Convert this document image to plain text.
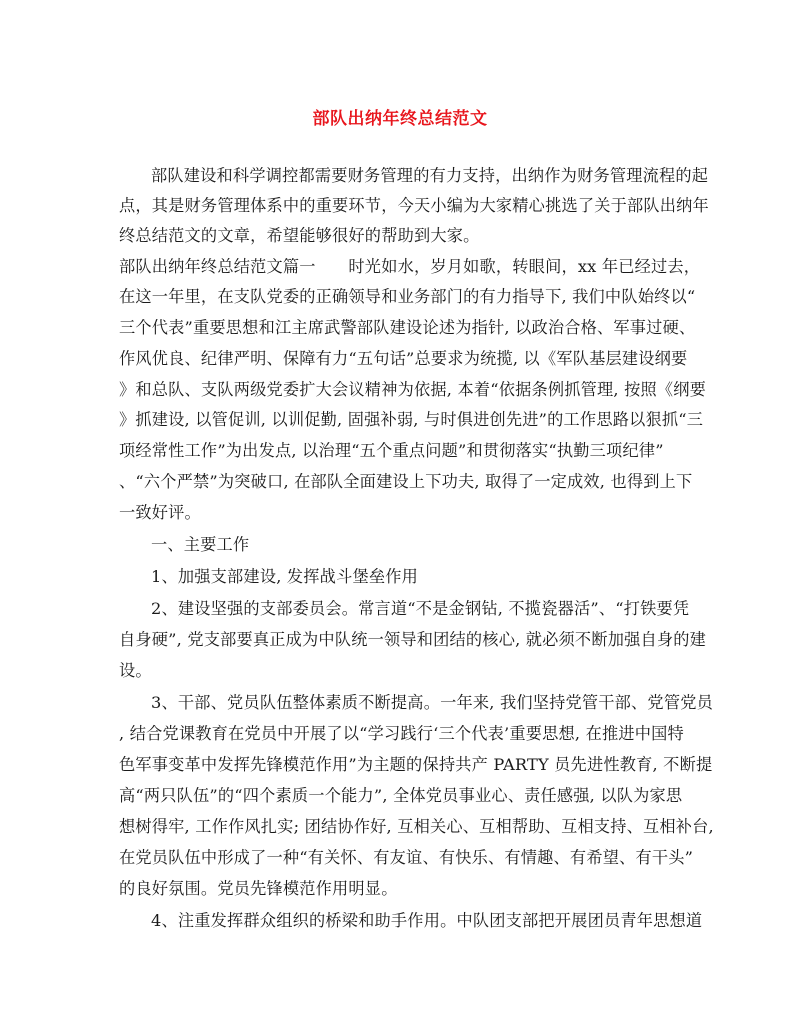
部队出纳年终总结范文
部队建设和科学调控都需要财务管理的有力支持，出纳作为财务管理流程的起
点，其是财务管理体系中的重要环节，今天小编为大家精心挑选了关于部队出纳年
终总结范文的文章，希望能够很好的帮助到大家。
部队出纳年终总结范文篇一　　时光如水，岁月如歌，转眼间，xx 年已经过去，
在这一年里，在支队党委的正确领导和业务部门的有力指导下, 我们中队始终以“
三个代表”重要思想和江主席武警部队建设论述为指针, 以政治合格、军事过硬、
作风优良、纪律严明、保障有力“五句话”总要求为统揽, 以《军队基层建设纲要
》和总队、支队两级党委扩大会议精神为依据, 本着“依据条例抓管理, 按照《纲要
》抓建设, 以管促训, 以训促勤, 固强补弱, 与时俱进创先进”的工作思路以狠抓“三
项经常性工作”为出发点, 以治理“五个重点问题”和贯彻落实“执勤三项纪律”
、“六个严禁”为突破口, 在部队全面建设上下功夫, 取得了一定成效, 也得到上下
一致好评。
一、主要工作
1、加强支部建设, 发挥战斗堡垒作用
2、建设坚强的支部委员会。常言道“不是金钢钻, 不揽瓷器活”、“打铁要凭
自身硬”, 党支部要真正成为中队统一领导和团结的核心, 就必须不断加强自身的建
设。
3、干部、党员队伍整体素质不断提高。一年来, 我们坚持党管干部、党管党员
, 结合党课教育在党员中开展了以“学习践行‘三个代表’重要思想, 在推进中国特
色军事变革中发挥先锋模范作用”为主题的保持共产 PARTY 员先进性教育, 不断提
高“两只队伍”的“四个素质一个能力”, 全体党员事业心、责任感强, 以队为家思
想树得牢, 工作作风扎实; 团结协作好, 互相关心、互相帮助、互相支持、互相补台,
在党员队伍中形成了一种“有关怀、有友谊、有快乐、有情趣、有希望、有干头”
的良好氛围。党员先锋模范作用明显。
4、注重发挥群众组织的桥梁和助手作用。中队团支部把开展团员青年思想道
